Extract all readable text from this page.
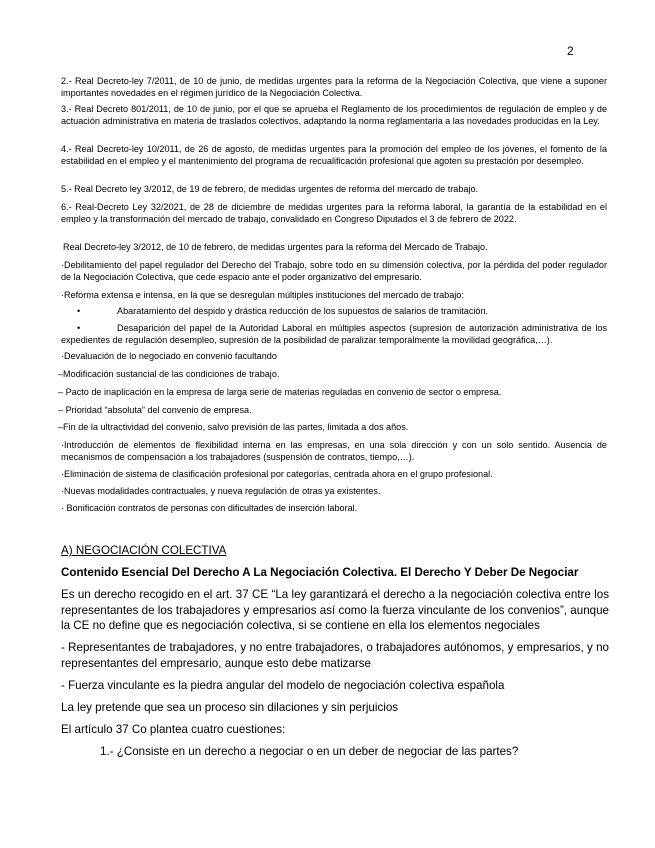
2
2.- Real Decreto-ley 7/2011, de 10 de junio, de medidas urgentes para la reforma de la Negociación Colectiva, que viene a suponer importantes novedades en el régimen jurídico de la Negociación Colectiva.
3.- Real Decreto 801/2011, de 10 de junio, por el que se aprueba el Reglamento de los procedimientos de regulación de empleo y de actuación administrativa en materia de traslados colectivos, adaptando la norma reglamentaria a las novedades producidas en la Ley.
4.- Real Decreto-ley 10/2011, de 26 de agosto, de medidas urgentes para la promoción del empleo de los jóvenes, el fomento de la estabilidad en el empleo y el mantenimiento del programa de recualificación profesional que agoten su prestación por desempleo.
5.- Real Decreto ley 3/2012, de 19 de febrero, de medidas urgentes de reforma del mercado de trabajo.
6.- Real-Decreto Ley 32/2021, de 28 de diciembre de medidas urgentes para la reforma laboral, la garantía de la estabilidad en el empleo y la transformación del mercado de trabajo, convalidado en Congreso Diputados el 3 de febrero de 2022.
Real Decreto-ley 3/2012, de 10 de febrero, de medidas urgentes para la reforma del Mercado de Trabajo.
·Debilitamiento del papel regulador del Derecho del Trabajo, sobre todo en su dimensión colectiva, por la pérdida del poder regulador de la Negociación Colectiva, que cede espacio ante el poder organizativo del empresario.
·Reforma extensa e intensa, en la que se desregulan múltiples instituciones del mercado de trabajo:
•	Abaratamiento del despido y drástica reducción de los supuestos de salarios de tramitación.
•	Desaparición del papel de la Autoridad Laboral en múltiples aspectos (supresión de autorización administrativa de los expedientes de regulación desempleo, supresión de la posibilidad de paralizar temporalmente la movilidad geográfica,…).
·Devaluación de lo negociado en convenio facultando
–Modificación sustancial de las condiciones de trabajo.
– Pacto de inaplicación en la empresa de larga serie de materias reguladas en convenio de sector o empresa.
– Prioridad “absoluta” del convenio de empresa.
–Fin de la ultractividad del convenio, salvo previsión de las partes, limitada a dos años.
·Introducción de elementos de flexibilidad interna en las empresas, en una sola dirección y con un solo sentido. Ausencia de mecanismos de compensación a los trabajadores (suspensión de contratos, tiempo,…).
·Eliminación de sistema de clasificación profesional por categorías, centrada ahora en el grupo profesional.
·Nuevas modalidades contractuales, y nueva regulación de otras ya existentes.
· Bonificación contratos de personas con dificultades de inserción laboral.
A) NEGOCIACIÓN COLECTIVA
Contenido Esencial Del Derecho A La Negociación Colectiva. El Derecho Y Deber De Negociar
Es un derecho recogido en el art. 37 CE “La ley garantizará el derecho a la negociación colectiva entre los representantes de los trabajadores y empresarios así como la fuerza vinculante de los convenios”, aunque la CE no define que es negociación colectiva, si se contiene en ella los elementos negociales
- Representantes de trabajadores, y no entre trabajadores, o trabajadores autónomos, y empresarios, y no representantes del empresario, aunque esto debe matizarse
- Fuerza vinculante es la piedra angular del modelo de negociación colectiva española
La ley pretende que sea un proceso sin dilaciones y sin perjuicios
El artículo 37 Co plantea cuatro cuestiones:
1.- ¿Consiste en un derecho a negociar o en un deber de negociar de las partes?
